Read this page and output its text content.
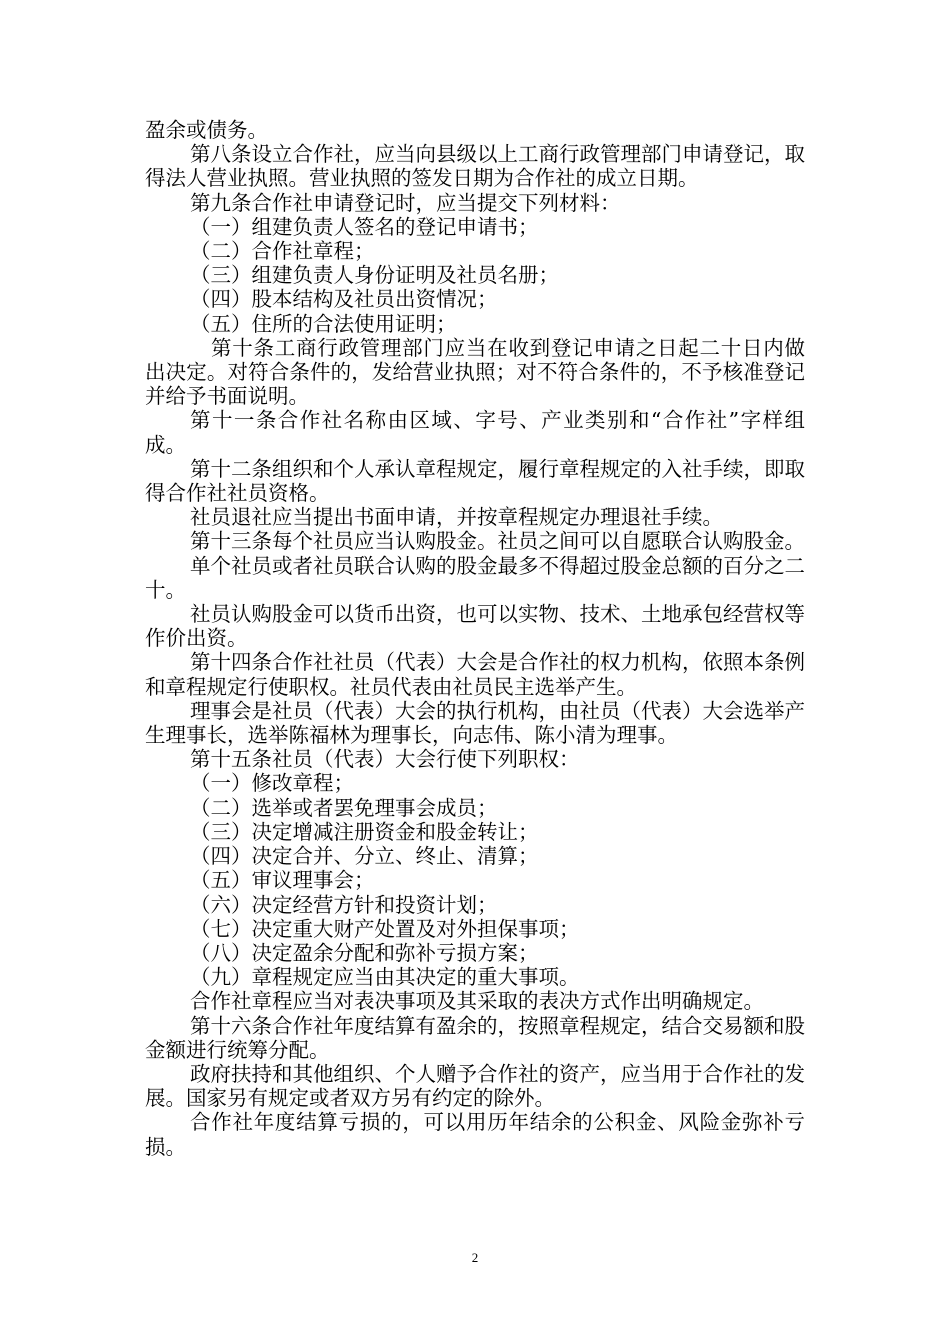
盈余或债务。

第八条设立合作社，应当向县级以上工商行政管理部门申请登记，取得法人营业执照。营业执照的签发日期为合作社的成立日期。

第九条合作社申请登记时，应当提交下列材料：

（一）组建负责人签名的登记申请书；

（二）合作社章程；

（三）组建负责人身份证明及社员名册；

（四）股本结构及社员出资情况；

（五）住所的合法使用证明；

第十条工商行政管理部门应当在收到登记申请之日起二十日内做出决定。对符合条件的，发给营业执照；对不符合条件的，不予核准登记并给予书面说明。

第十一条合作社名称由区域、字号、产业类别和“合作社”字样组成。

第十二条组织和个人承认章程规定，履行章程规定的入社手续，即取得合作社社员资格。

社员退社应当提出书面申请，并按章程规定办理退社手续。

第十三条每个社员应当认购股金。社员之间可以自愿联合认购股金。

单个社员或者社员联合认购的股金最多不得超过股金总额的百分之二十。

社员认购股金可以货币出资，也可以实物、技术、土地承包经营权等作价出资。

第十四条合作社社员（代表）大会是合作社的权力机构，依照本条例和章程规定行使职权。社员代表由社员民主选举产生。

理事会是社员（代表）大会的执行机构，由社员（代表）大会选举产生理事长，选举陈福林为理事长，向志伟、陈小清为理事。

第十五条社员（代表）大会行使下列职权：

（一）修改章程；

（二）选举或者罢免理事会成员；

（三）决定增减注册资金和股金转让；

（四）决定合并、分立、终止、清算；

（五）审议理事会；

（六）决定经营方针和投资计划；

（七）决定重大财产处置及对外担保事项；

（八）决定盈余分配和弥补亏损方案；

（九）章程规定应当由其决定的重大事项。

合作社章程应当对表决事项及其采取的表决方式作出明确规定。

第十六条合作社年度结算有盈余的，按照章程规定，结合交易额和股金额进行统筹分配。

政府扶持和其他组织、个人赠予合作社的资产，应当用于合作社的发展。国家另有规定或者双方另有约定的除外。

合作社年度结算亏损的，可以用历年结余的公积金、风险金弥补亏损。

2
